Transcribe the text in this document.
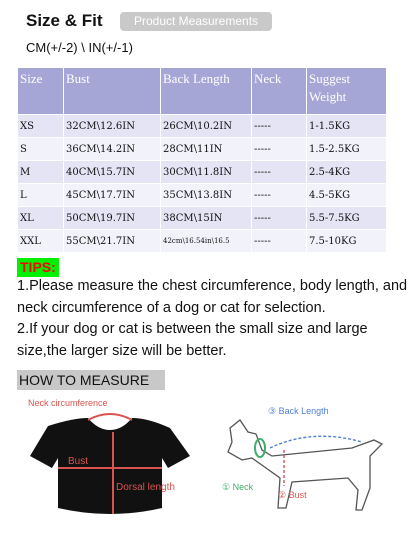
Size & Fit	Product Measurements
CM(+/-2) \ IN(+/-1)
Size	Bust	Back Length	Neck	Suggest Weight
XS	32CM\12.6IN	26CM\10.2IN	-----	1-1.5KG
S	36CM\14.2IN	28CM\11IN	-----	1.5-2.5KG
M	40CM\15.7IN	30CM\11.8IN	-----	2.5-4KG
L	45CM\17.7IN	35CM\13.8IN	-----	4.5-5KG
XL	50CM\19.7IN	38CM\15IN	-----	5.5-7.5KG
XXL	55CM\21.7IN	42cm\16.54in\16.5	-----	7.5-10KG
TIPS:

1.Please measure the chest circumference, body length, and neck circumference of a dog or cat for selection.

2.If your dog or cat is between the small size and large size,the larger size will be better.

HOW TO MEASURE
Neck circumference
Bust
Dorsal length
③ Back Length
① Neck
② Bust
